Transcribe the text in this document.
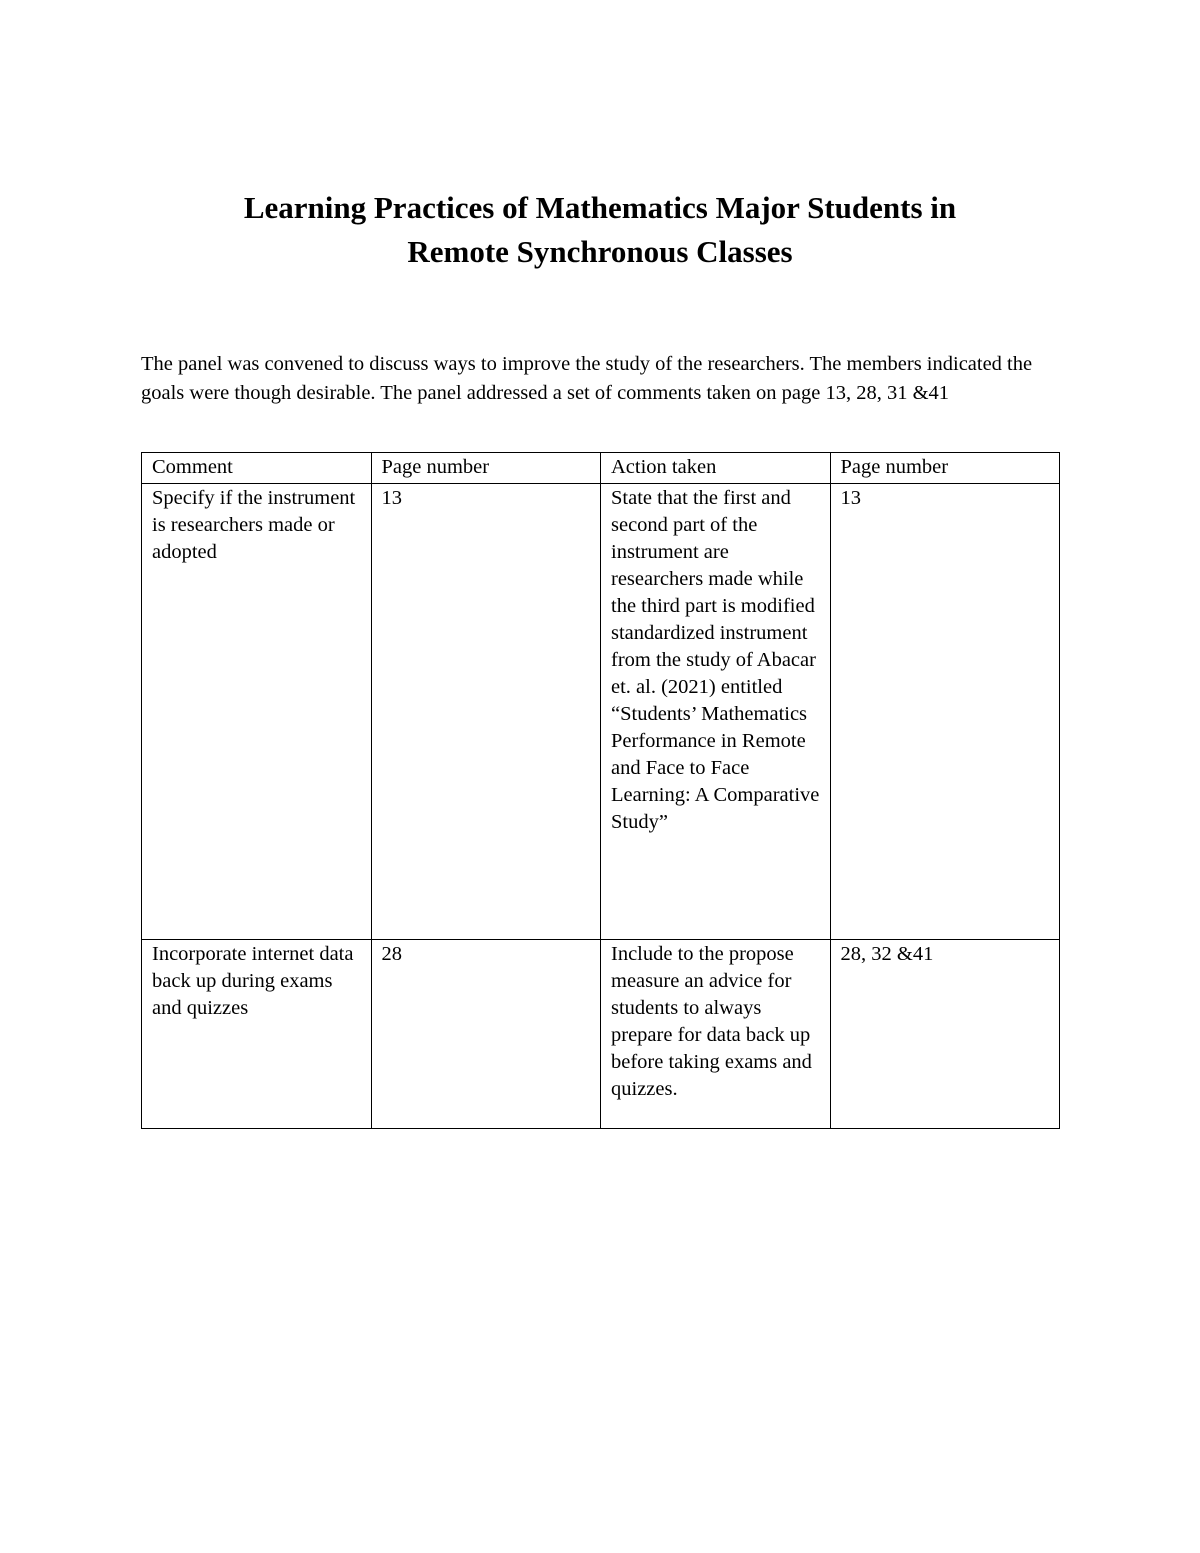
Learning Practices of Mathematics Major Students in
Remote Synchronous Classes

The panel was convened to discuss ways to improve the study of the researchers. The members indicated the goals were though desirable. The panel addressed a set of comments taken on page 13, 28, 31 &41

Comment	Page number	Action taken	Page number
Specify if the instrument is researchers made or adopted	13	State that the first and second part of the instrument are researchers made while the third part is modified standardized instrument from the study of Abacar et. al. (2021) entitled “Students’ Mathematics Performance in Remote and Face to Face Learning: A Comparative Study”	13
Incorporate internet data back up during exams and quizzes	28	Include to the propose measure an advice for students to always prepare for data back up before taking exams and quizzes.	28, 32 &41
